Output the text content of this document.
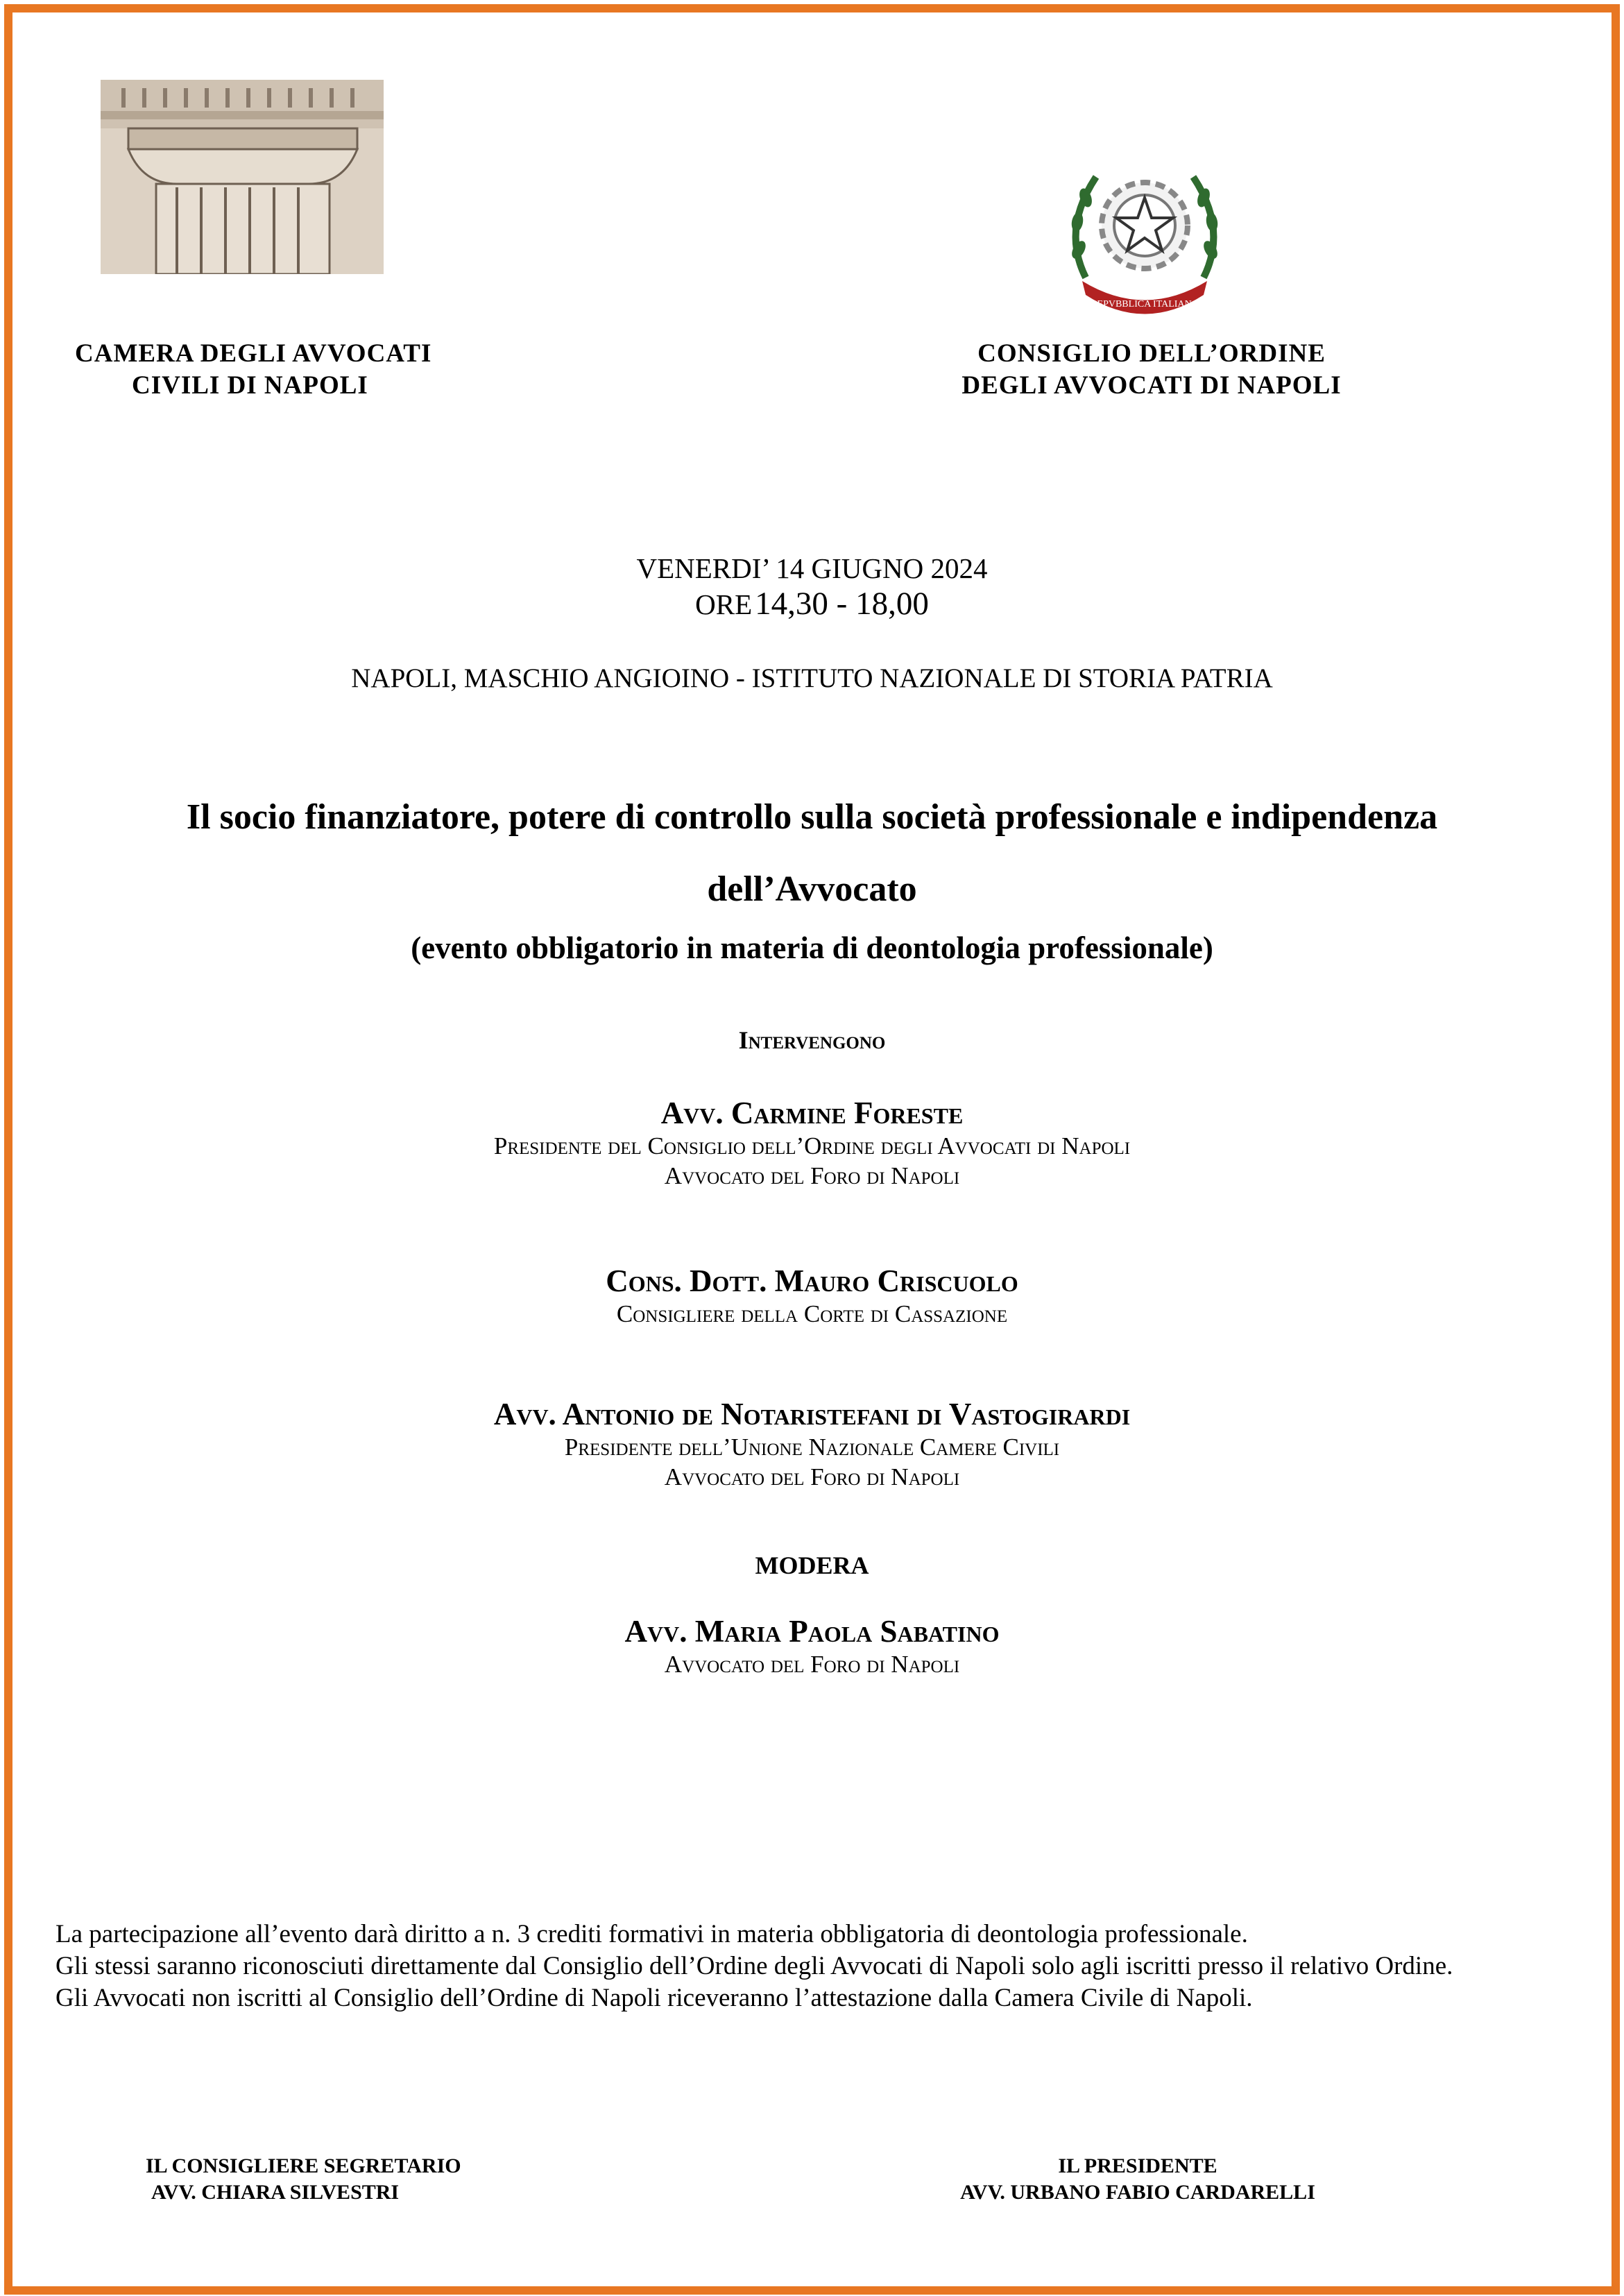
REPVBBLICA ITALIANA
CAMERA DEGLI AVVOCATI
CIVILI DI NAPOLI
CONSIGLIO DELL’ORDINE
DEGLI AVVOCATI DI NAPOLI
VENERDI’ 14 GIUGNO 2024
ORE 14,30 - 18,00
NAPOLI, MASCHIO ANGIOINO - ISTITUTO NAZIONALE DI STORIA PATRIA
Il socio finanziatore, potere di controllo sulla società professionale e indipendenza
dell’Avvocato
(evento obbligatorio in materia di deontologia professionale)
Intervengono
Avv. Carmine Foreste
Presidente del Consiglio dell’Ordine degli Avvocati di Napoli
Avvocato del Foro di Napoli
Cons. Dott. Mauro Criscuolo
Consigliere della Corte di Cassazione
Avv. Antonio de Notaristefani di Vastogirardi
Presidente dell’Unione Nazionale Camere Civili
Avvocato del Foro di Napoli
MODERA
Avv. Maria Paola Sabatino
Avvocato del Foro di Napoli
La partecipazione all’evento darà diritto a n. 3 crediti formativi in materia obbligatoria di deontologia professionale.
Gli stessi saranno riconosciuti direttamente dal Consiglio dell’Ordine degli Avvocati di Napoli solo agli iscritti presso il relativo Ordine.
Gli Avvocati non iscritti al Consiglio dell’Ordine di Napoli riceveranno l’attestazione dalla Camera Civile di Napoli.
IL CONSIGLIERE SEGRETARIO
AVV. CHIARA SILVESTRI
IL PRESIDENTE
AVV. URBANO FABIO CARDARELLI
